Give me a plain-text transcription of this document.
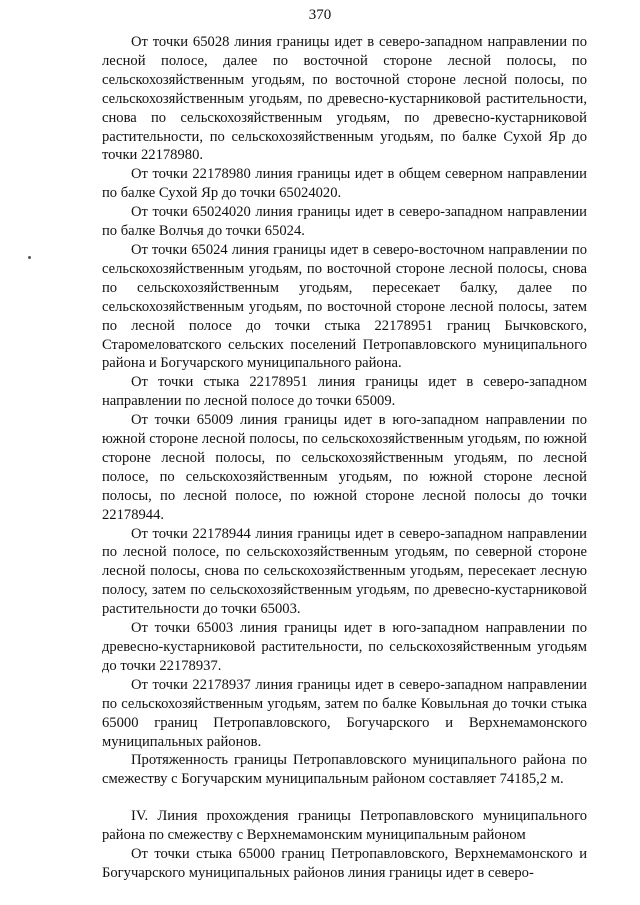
370

От точки 65028 линия границы идет в северо-западном направлении по лесной полосе, далее по восточной стороне лесной полосы, по сельскохозяйственным угодьям, по восточной стороне лесной полосы, по сельскохозяйственным угодьям, по древесно-кустарниковой растительности, снова по сельскохозяйственным угодьям, по древесно-кустарниковой растительности, по сельскохозяйственным угодьям, по балке Сухой Яр до точки 22178980.

От точки 22178980 линия границы идет в общем северном направлении по балке Сухой Яр до точки 65024020.

От точки 65024020 линия границы идет в северо-западном направлении по балке Волчья до точки 65024.

От точки 65024 линия границы идет в северо-восточном направлении по сельскохозяйственным угодьям, по восточной стороне лесной полосы, снова по сельскохозяйственным угодьям, пересекает балку, далее по сельскохозяйственным угодьям, по восточной стороне лесной полосы, затем по лесной полосе до точки стыка 22178951 границ Бычковского, Старомеловатского сельских поселений Петропавловского муниципального района и Богучарского муниципального района.

От точки стыка 22178951 линия границы идет в северо-западном направлении по лесной полосе до точки 65009.

От точки 65009 линия границы идет в юго-западном направлении по южной стороне лесной полосы, по сельскохозяйственным угодьям, по южной стороне лесной полосы, по сельскохозяйственным угодьям, по лесной полосе, по сельскохозяйственным угодьям, по южной стороне лесной полосы, по лесной полосе, по южной стороне лесной полосы до точки 22178944.

От точки 22178944 линия границы идет в северо-западном направлении по лесной полосе, по сельскохозяйственным угодьям, по северной стороне лесной полосы, снова по сельскохозяйственным угодьям, пересекает лесную полосу, затем по сельскохозяйственным угодьям, по древесно-кустарниковой растительности до точки 65003.

От точки 65003 линия границы идет в юго-западном направлении по древесно-кустарниковой растительности, по сельскохозяйственным угодьям до точки 22178937.

От точки 22178937 линия границы идет в северо-западном направлении по сельскохозяйственным угодьям, затем по балке Ковыльная до точки стыка 65000 границ Петропавловского, Богучарского и Верхнемамонского муниципальных районов.

Протяженность границы Петропавловского муниципального района по смежеству с Богучарским муниципальным районом составляет 74185,2 м.

IV. Линия прохождения границы Петропавловского муниципального района по смежеству с Верхнемамонским муниципальным районом

От точки стыка 65000 границ Петропавловского, Верхнемамонского и Богучарского муниципальных районов линия границы идет в северо-
